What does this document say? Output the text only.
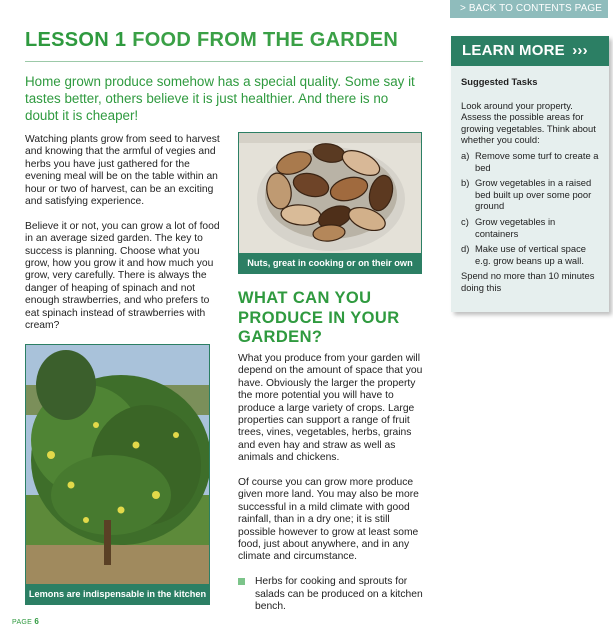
> BACK TO CONTENTS PAGE
LESSON 1 FOOD FROM THE GARDEN
Home grown produce somehow has a special quality. Some say it tastes better, others believe it is just healthier. And there is no doubt it is cheaper!

Watching plants grow from seed to harvest and knowing that the armful of vegies and herbs you have just gathered for the evening meal will be on the table within an hour or two of harvest, can be an exciting and satisfying experience.

Believe it or not, you can grow a lot of food in an average sized garden. The key to success is planning. Choose what you grow, how you grow it and how much you grow, very carefully. There is always the danger of heaping of spinach and not enough strawberries, and who prefers to eat spinach instead of strawberries with cream?

Nuts, great in cooking or on their own
WHAT CAN YOU PRODUCE IN YOUR GARDEN?

What you produce from your garden will depend on the amount of space that you have. Obviously the larger the property the more potential you will have to produce a large variety of crops. Large properties can support a range of fruit trees, vines, vegetables, herbs, grains and even hay and straw as well as animals and chickens.

Of course you can grow more produce given more land. You may also be more successful in a mild climate with good rainfall, than in a dry one; it is still possible however to grow at least some food, just about anywhere, and in any climate and circumstance.

Herbs for cooking and sprouts for salads can be produced on a kitchen bench.
Lemons are indispensable in the kitchen
LEARN MORE ›››
Suggested Tasks
Look around your property. Assess the possible areas for growing vegetables. Think about whether you could:
a) Remove some turf to create a bed
b) Grow vegetables in a raised bed built up over some poor ground
c) Grow vegetables in containers
d) Make use of vertical space e.g. grow beans up a wall.
Spend no more than 10 minutes doing this
PAGE 6
